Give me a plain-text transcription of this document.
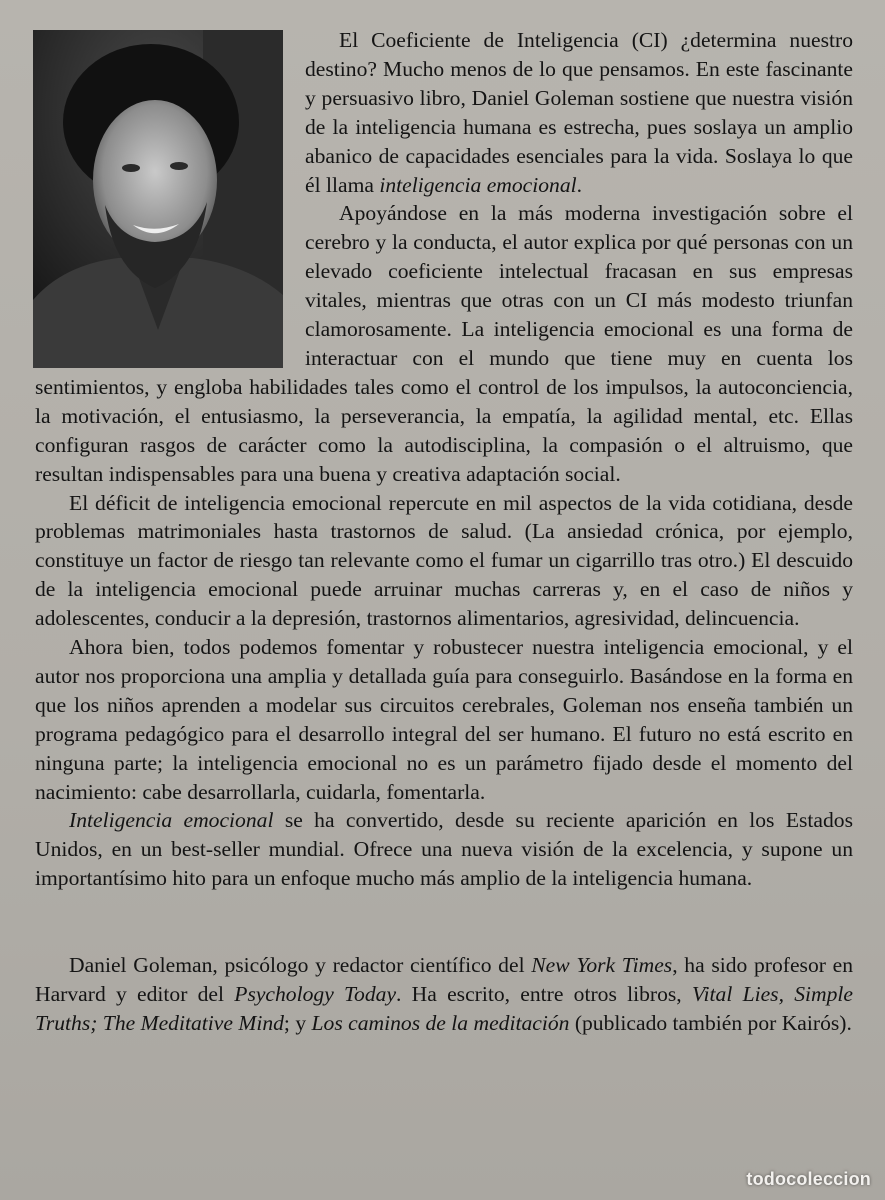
El Coeficiente de Inteligencia (CI) ¿determina nuestro destino? Mucho menos de lo que pensamos. En este fascinante y persuasivo libro, Daniel Goleman sostiene que nuestra visión de la inteligencia humana es estrecha, pues soslaya un amplio abanico de capacidades esenciales para la vida. Soslaya lo que él llama inteligencia emocional.

Apoyándose en la más moderna investigación sobre el cerebro y la conducta, el autor explica por qué personas con un elevado coeficiente intelectual fracasan en sus empresas vitales, mientras que otras con un CI más modesto triunfan clamorosamente. La inteligencia emocional es una forma de interactuar con el mundo que tiene muy en cuenta los sentimientos, y engloba habilidades tales como el control de los impulsos, la autoconciencia, la motivación, el entusiasmo, la perseverancia, la empatía, la agilidad mental, etc. Ellas configuran rasgos de carácter como la autodisciplina, la compasión o el altruismo, que resultan indispensables para una buena y creativa adaptación social.

El déficit de inteligencia emocional repercute en mil aspectos de la vida cotidiana, desde problemas matrimoniales hasta trastornos de salud. (La ansiedad crónica, por ejemplo, constituye un factor de riesgo tan relevante como el fumar un cigarrillo tras otro.) El descuido de la inteligencia emocional puede arruinar muchas carreras y, en el caso de niños y adolescentes, conducir a la depresión, trastornos alimentarios, agresividad, delincuencia.

Ahora bien, todos podemos fomentar y robustecer nuestra inteligencia emocional, y el autor nos proporciona una amplia y detallada guía para conseguirlo. Basándose en la forma en que los niños aprenden a modelar sus circuitos cerebrales, Goleman nos enseña también un programa pedagógico para el desarrollo integral del ser humano. El futuro no está escrito en ninguna parte; la inteligencia emocional no es un parámetro fijado desde el momento del nacimiento: cabe desarrollarla, cuidarla, fomentarla.

Inteligencia emocional se ha convertido, desde su reciente aparición en los Estados Unidos, en un best-seller mundial. Ofrece una nueva visión de la excelencia, y supone un importantísimo hito para un enfoque mucho más amplio de la inteligencia humana.

Daniel Goleman, psicólogo y redactor científico del New York Times, ha sido profesor en Harvard y editor del Psychology Today. Ha escrito, entre otros libros, Vital Lies, Simple Truths; The Meditative Mind; y Los caminos de la meditación (publicado también por Kairós).

todocoleccion
